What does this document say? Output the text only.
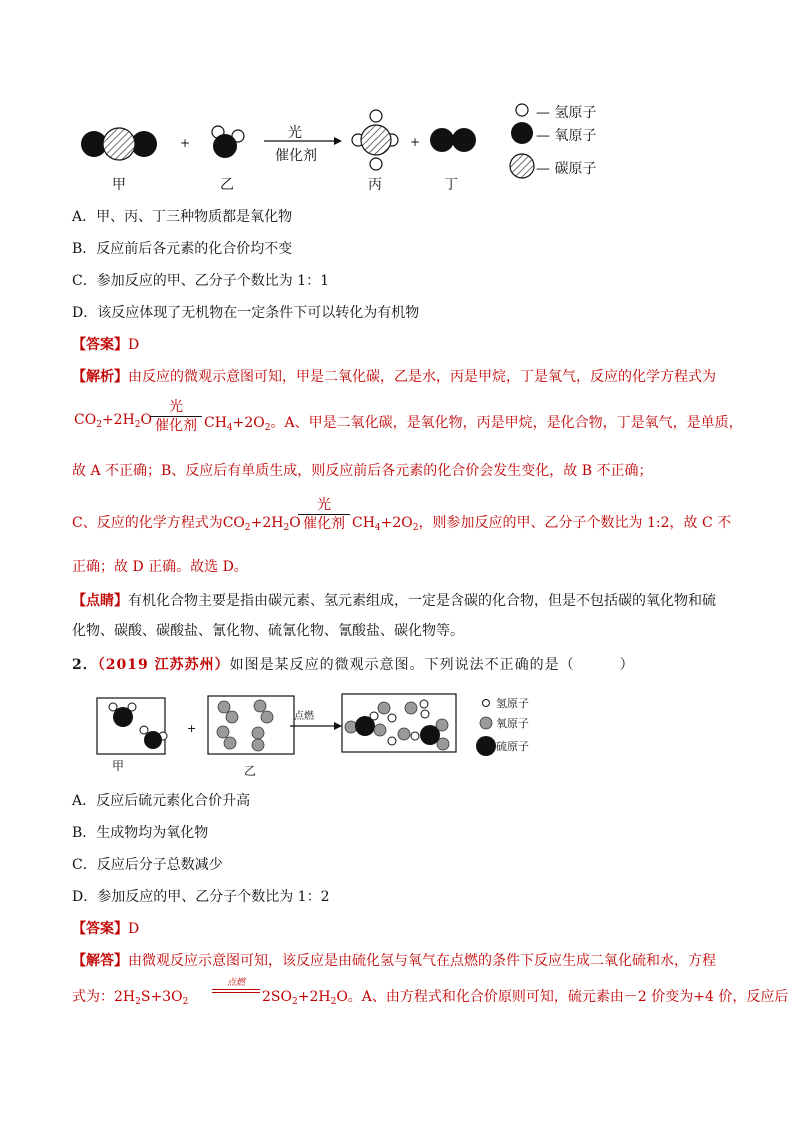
+	+
光
催化剂
甲	乙	丙	丁
— 氢原子
— 氧原子
— 碳原子
A．甲、丙、丁三种物质都是氧化物
B．反应前后各元素的化合价均不变
C．参加反应的甲、乙分子个数比为 1：1
D．该反应体现了无机物在一定条件下可以转化为有机物
【答案】D
【解析】由反应的微观示意图可知，甲是二氧化碳，乙是水，丙是甲烷，丁是氧气，反应的化学方程式为
$CO_2+2H_2O$
光
催化剂 $CH_4+2O_2$。A、甲是二氧化碳，是氧化物，丙是甲烷，是化合物，丁是氧气，是单质，
故 A 不正确；B、反应后有单质生成，则反应前后各元素的化合价会发生变化，故 B 不正确；
C、反应的化学方程式为$CO_2+2H_2O$
光
催化剂 $CH_4+2O_2$，则参加反应的甲、乙分子个数比为 1:2，故 C 不
正确；故 D 正确。故选 D。
【点睛】有机化合物主要是指由碳元素、氢元素组成，一定是含碳的化合物，但是不包括碳的氧化物和硫
化物、碳酸、碳酸盐、氰化物、硫氰化物、氰酸盐、碳化物等。
2．（2019 江苏苏州）如图是某反应的微观示意图。下列说法不正确的是（　　　）
+
甲	乙
点燃
氢原子
氧原子
硫原子
A．反应后硫元素化合价升高
B．生成物均为氧化物
C．反应后分子总数减少
D．参加反应的甲、乙分子个数比为 1：2
【答案】D
【解答】由微观反应示意图可知，该反应是由硫化氢与氧气在点燃的条件下反应生成二氧化硫和水，方程
式为：$2H_2S+3O_2$
点燃
$2SO_2+2H_2O$。A、由方程式和化合价原则可知，硫元素由－2 价变为+4 价，反应后
